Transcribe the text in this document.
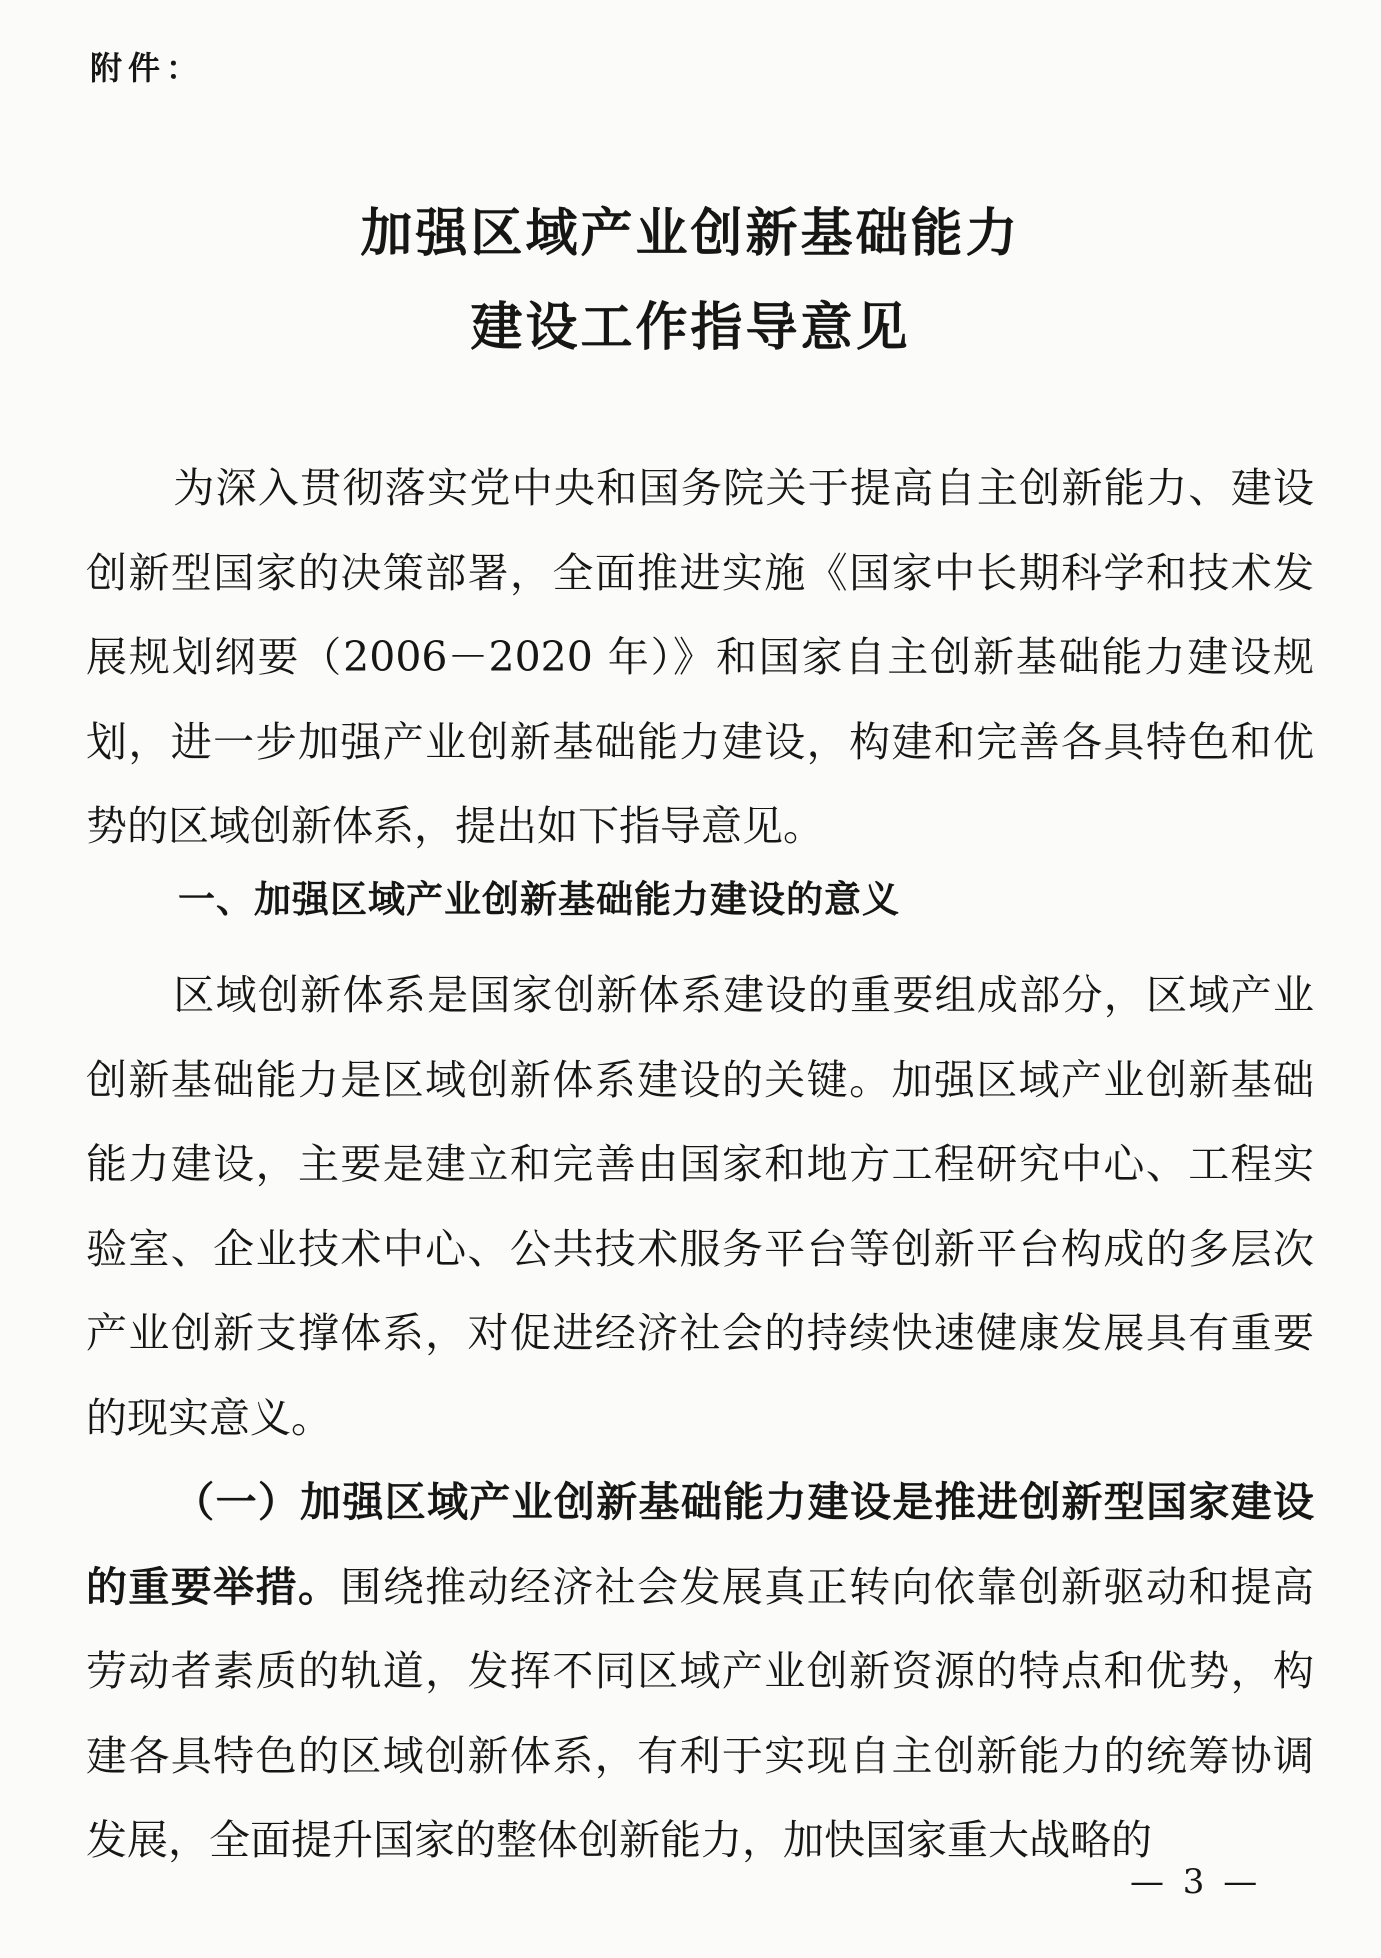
附件：
加强区域产业创新基础能力
建设工作指导意见
为深入贯彻落实党中央和国务院关于提高自主创新能力、建设创新型国家的决策部署，全面推进实施《国家中长期科学和技术发展规划纲要（2006－2020 年）》和国家自主创新基础能力建设规划，进一步加强产业创新基础能力建设，构建和完善各具特色和优势的区域创新体系，提出如下指导意见。
一、加强区域产业创新基础能力建设的意义
区域创新体系是国家创新体系建设的重要组成部分，区域产业创新基础能力是区域创新体系建设的关键。加强区域产业创新基础能力建设，主要是建立和完善由国家和地方工程研究中心、工程实验室、企业技术中心、公共技术服务平台等创新平台构成的多层次产业创新支撑体系，对促进经济社会的持续快速健康发展具有重要的现实意义。
（一）加强区域产业创新基础能力建设是推进创新型国家建设的重要举措。围绕推动经济社会发展真正转向依靠创新驱动和提高劳动者素质的轨道，发挥不同区域产业创新资源的特点和优势，构建各具特色的区域创新体系，有利于实现自主创新能力的统筹协调发展，全面提升国家的整体创新能力，加快国家重大战略的
— 3 —
